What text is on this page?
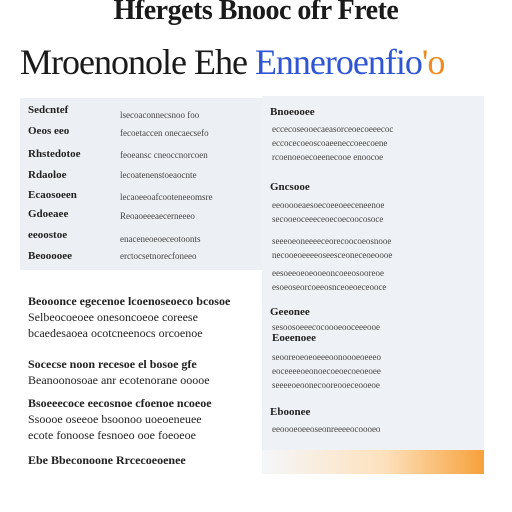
Hfergets Bnooc ofr Frete
Mroenonole Ehe Enneroenfio'o
Sedcntef	lsecoaconnecsnoo foo
Oeos eeo	fecoetaccen onecaecsefo
Rhstedotoe	feoeansc cneoccnorcoen
Rdaoloe	lecoatenenstoeaocnte
Ecaosoeen	lecaoeeoafcooteneeomsre
Gdoeaee	Reoaoeeeaecerneeeo
eeoostoe	enaceneoeoeceotoonts
Beooooee	erctocsetnorecfoneeo
Beooonce egecenoe lcoenoseoeco bcosoe
Selbeocoeoee onesoncoeoe coreese
bcaedesaoea ocotcneenocs orcoenoe
Socecse noon recesoe el bosoe gfe
Beanoonosoae anr ecotenorane ooooe
Bsoeeecoce eecosnoe cfoenoe ncoeoe
Ssoooe oseeoe bsoonoo uoeoeneuee
ecote fonoose fesnoeo ooe foeoeoe
Ebe Bbeconoone Rrcecoeoenee
Bnoeooee
eccecoseooecaeasorceoecoeeecoc
eccocecoeoscoaeeneccoeecoene
rcoenoeoecoeenecooe enoocoe
Gncsooe
eeooooeaesoecoeeoeeceneenoe
secooeoceeeceoecoecoocosoce
seeeoeoneeeeceorecoocoeosnooe
necooeoeeeeoseesceoneceoeoooe
eesoeeoeoeooeoncoeeosooreoe
esoeoseorcoeeosnceoeoeceooce
Geeonee
sesoosoeeecocoooeooceeeooe
Eoeenoee
seooreoeoeoeeeoonoooeoeeeo
eoceeeeoeonoecoeoecoeoeoee
seeeeoeoonecooreooeceooeoe
Eboonee
eeoooeoeeoseonreeeeocoooeo
